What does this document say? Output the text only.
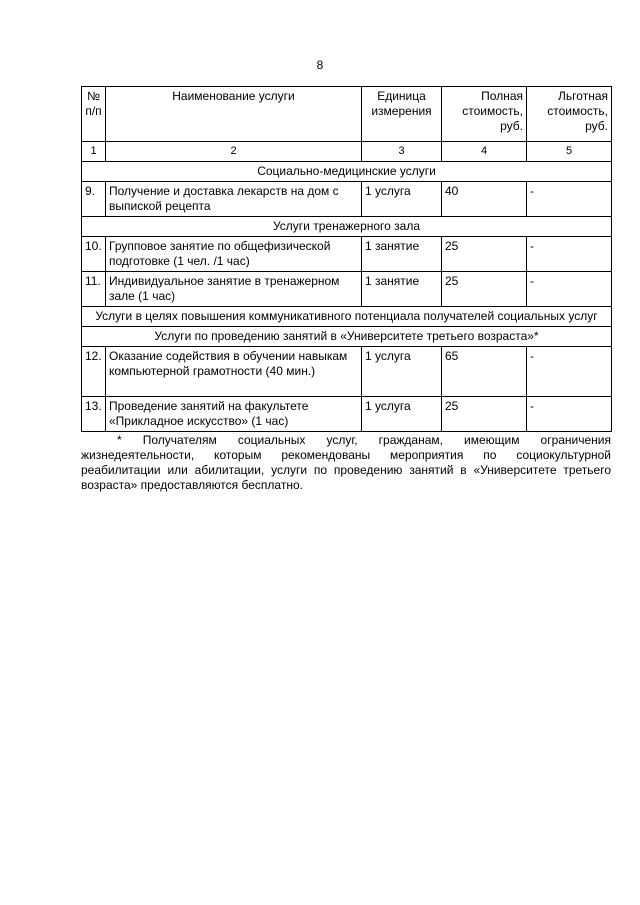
8
№ п/п	Наименование услуги	Единица измерения	Полная стоимость, руб.	Льготная стоимость, руб.
1	2	3	4	5
Социально-медицинские услуги				
9.	Получение и доставка лекарств на дом с выпиской рецепта	1 услуга	40	-
Услуги тренажерного зала				
10.	Групповое занятие по общефизической подготовке (1 чел. /1 час)	1 занятие	25	-
11.	Индивидуальное занятие в тренажерном зале (1 час)	1 занятие	25	-
Услуги в целях повышения коммуникативного потенциала получателей социальных услуг				
Услуги по проведению занятий в «Университете третьего возраста»*				
12.	Оказание содействия в обучении навыкам компьютерной грамотности (40 мин.)	1 услуга	65	-
13.	Проведение занятий на факультете «Прикладное искусство» (1 час)	1 услуга	25	-

* Получателям социальных услуг, гражданам, имеющим ограничения жизнедеятельности, которым рекомендованы мероприятия по социокультурной реабилитации или абилитации, услуги по проведению занятий в «Университете третьего возраста» предоставляются бесплатно.
